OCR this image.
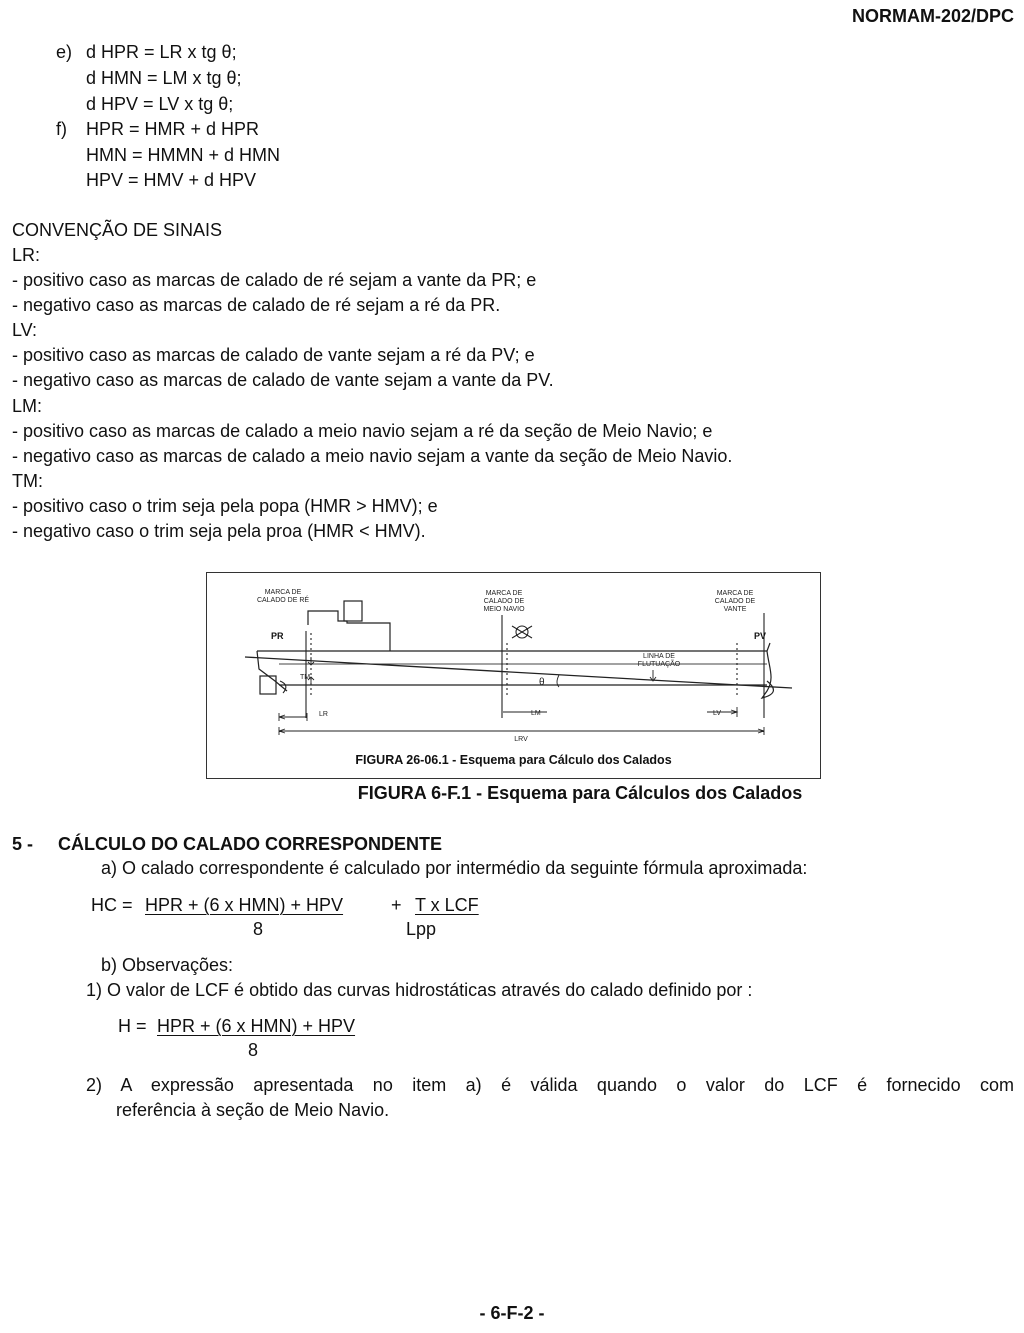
NORMAM-202/DPC
e) d HPR = LR x tg θ;
d HMN = LM x tg θ;
d HPV = LV x tg θ;
f) HPR = HMR + d HPR
HMN = HMMN + d HMN
HPV = HMV + d HPV
CONVENÇÃO DE SINAIS
LR:
- positivo caso as marcas de calado de ré sejam a vante da PR; e
- negativo caso as marcas de calado de ré sejam a ré da PR.
LV:
- positivo caso as marcas de calado de vante sejam a ré da PV; e
- negativo caso as marcas de calado de vante sejam a vante da PV.
LM:
- positivo caso as marcas de calado a meio navio sejam a ré da seção de Meio Navio; e
- negativo caso as marcas de calado a meio navio sejam a vante da seção de Meio Navio.
TM:
- positivo caso o trim seja pela popa (HMR > HMV); e
- negativo caso o trim seja pela proa (HMR < HMV).
MARCA DE
CALADO DE RÉ
MARCA DE
CALADO DE
MEIO NAVIO
MARCA DE
CALADO DE
VANTE
PR	PV
TM
LINHA DE
FLUTUAÇÃO
θ
LR	LM	LV
LRV
FIGURA 26-06.1 - Esquema para Cálculo dos Calados
FIGURA 6-F.1 - Esquema para Cálculos dos Calados
5 - CÁLCULO DO CALADO CORRESPONDENTE
a) O calado correspondente é calculado por intermédio da seguinte fórmula aproximada:
HC = HPR + (6 x HMN) + HPV	+ T x LCF
8	Lpp
b) Observações:
1) O valor de LCF é obtido das curvas hidrostáticas através do calado definido por :
H = HPR + (6 x HMN) + HPV
8
2) A expressão apresentada no item a) é válida quando o valor do LCF é fornecido com
referência à seção de Meio Navio.
- 6-F-2 -
